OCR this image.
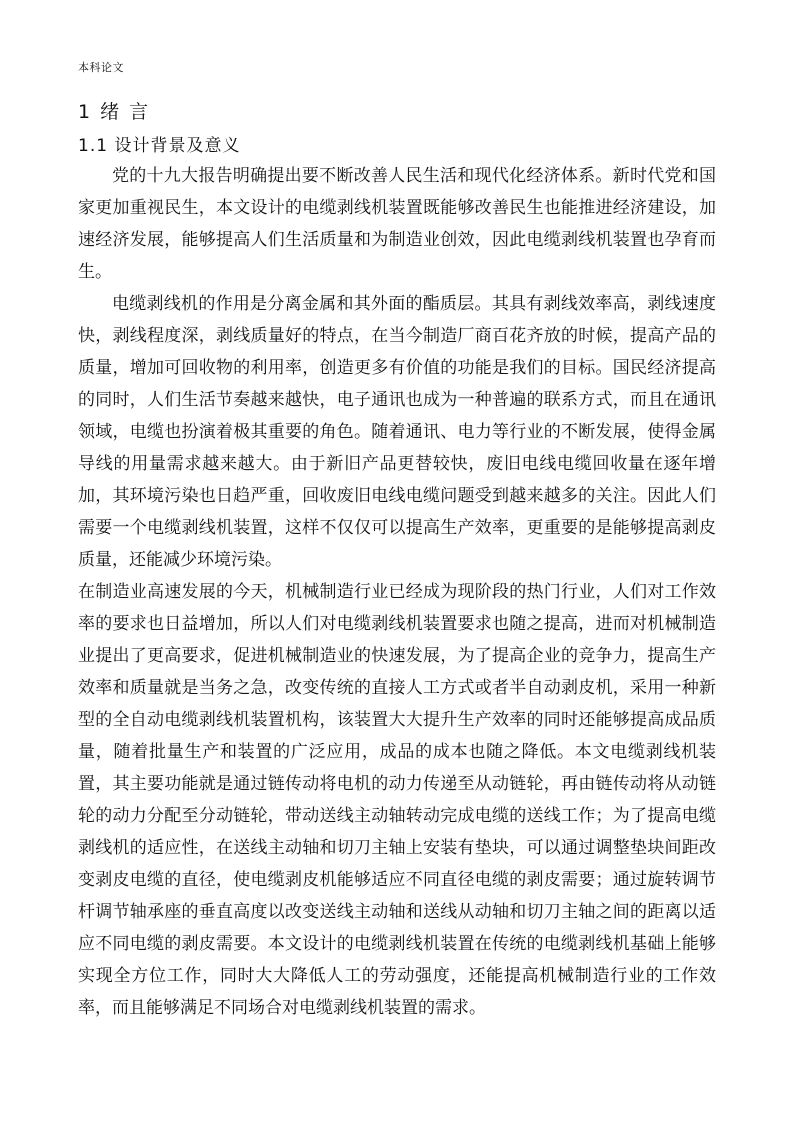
本科论文
1 绪 言
1.1 设计背景及意义

党的十九大报告明确提出要不断改善人民生活和现代化经济体系。新时代党和国家更加重视民生，本文设计的电缆剥线机装置既能够改善民生也能推进经济建设，加速经济发展，能够提高人们生活质量和为制造业创效，因此电缆剥线机装置也孕育而生。

电缆剥线机的作用是分离金属和其外面的酯质层。其具有剥线效率高，剥线速度快，剥线程度深，剥线质量好的特点，在当今制造厂商百花齐放的时候，提高产品的质量，增加可回收物的利用率，创造更多有价值的功能是我们的目标。国民经济提高的同时，人们生活节奏越来越快，电子通讯也成为一种普遍的联系方式，而且在通讯领域，电缆也扮演着极其重要的角色。随着通讯、电力等行业的不断发展，使得金属导线的用量需求越来越大。由于新旧产品更替较快，废旧电线电缆回收量在逐年增加，其环境污染也日趋严重，回收废旧电线电缆问题受到越来越多的关注。因此人们需要一个电缆剥线机装置，这样不仅仅可以提高生产效率，更重要的是能够提高剥皮质量，还能减少环境污染。

在制造业高速发展的今天，机械制造行业已经成为现阶段的热门行业，人们对工作效率的要求也日益增加，所以人们对电缆剥线机装置要求也随之提高，进而对机械制造业提出了更高要求，促进机械制造业的快速发展，为了提高企业的竞争力，提高生产效率和质量就是当务之急，改变传统的直接人工方式或者半自动剥皮机，采用一种新型的全自动电缆剥线机装置机构，该装置大大提升生产效率的同时还能够提高成品质量，随着批量生产和装置的广泛应用，成品的成本也随之降低。本文电缆剥线机装置，其主要功能就是通过链传动将电机的动力传递至从动链轮，再由链传动将从动链轮的动力分配至分动链轮，带动送线主动轴转动完成电缆的送线工作；为了提高电缆剥线机的适应性，在送线主动轴和切刀主轴上安装有垫块，可以通过调整垫块间距改变剥皮电缆的直径，使电缆剥皮机能够适应不同直径电缆的剥皮需要；通过旋转调节杆调节轴承座的垂直高度以改变送线主动轴和送线从动轴和切刀主轴之间的距离以适应不同电缆的剥皮需要。本文设计的电缆剥线机装置在传统的电缆剥线机基础上能够实现全方位工作，同时大大降低人工的劳动强度，还能提高机械制造行业的工作效率，而且能够满足不同场合对电缆剥线机装置的需求。
